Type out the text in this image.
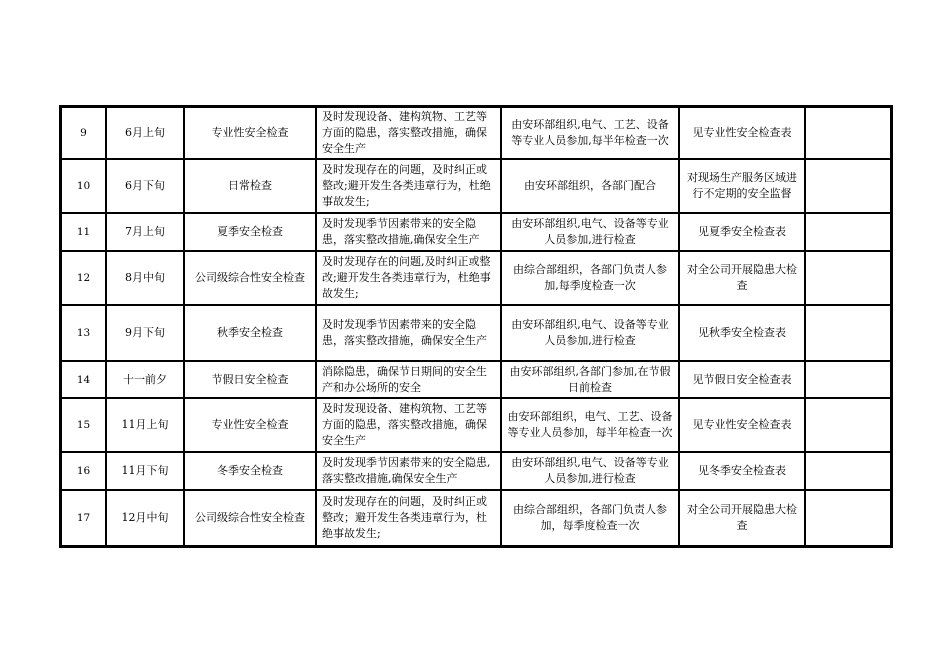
9	6月上旬	专业性安全检查	及时发现设备、建构筑物、工艺等方面的隐患，落实整改措施，确保安全生产	由安环部组织,电气、工艺、设备等专业人员参加,每半年检查一次	见专业性安全检查表	
10	6月下旬	日常检查	及时发现存在的问题，及时纠正或整改;避开发生各类违章行为，杜绝事故发生;	由安环部组织，各部门配合	对现场生产服务区域进行不定期的安全监督	
11	7月上旬	夏季安全检查	及时发现季节因素带来的安全隐患，落实整改措施,确保安全生产	由安环部组织,电气、设备等专业人员参加,进行检查	见夏季安全检查表	
12	8月中旬	公司级综合性安全检查	及时发现存在的问题,及时纠正或整改;避开发生各类违章行为，杜绝事故发生;	由综合部组织，各部门负责人参加,每季度检查一次	对全公司开展隐患大检查	
13	9月下旬	秋季安全检查	及时发现季节因素带来的安全隐患，落实整改措施，确保安全生产	由安环部组织,电气、设备等专业人员参加,进行检查	见秋季安全检查表	
14	十一前夕	节假日安全检查	消除隐患，确保节日期间的安全生产和办公场所的安全	由安环部组织,各部门参加,在节假日前检查	见节假日安全检查表	
15	11月上旬	专业性安全检查	及时发现设备、建构筑物、工艺等方面的隐患，落实整改措施，确保安全生产	由安环部组织，电气、工艺、设备等专业人员参加，每半年检查一次	见专业性安全检查表	
16	11月下旬	冬季安全检查	及时发现季节因素带来的安全隐患,落实整改措施,确保安全生产	由安环部组织,电气、设备等专业人员参加,进行检查	见冬季安全检查表	
17	12月中旬	公司级综合性安全检查	及时发现存在的问题，及时纠正或整改；避开发生各类违章行为，杜绝事故发生;	由综合部组织，各部门负责人参加，每季度检查一次	对全公司开展隐患大检查	
